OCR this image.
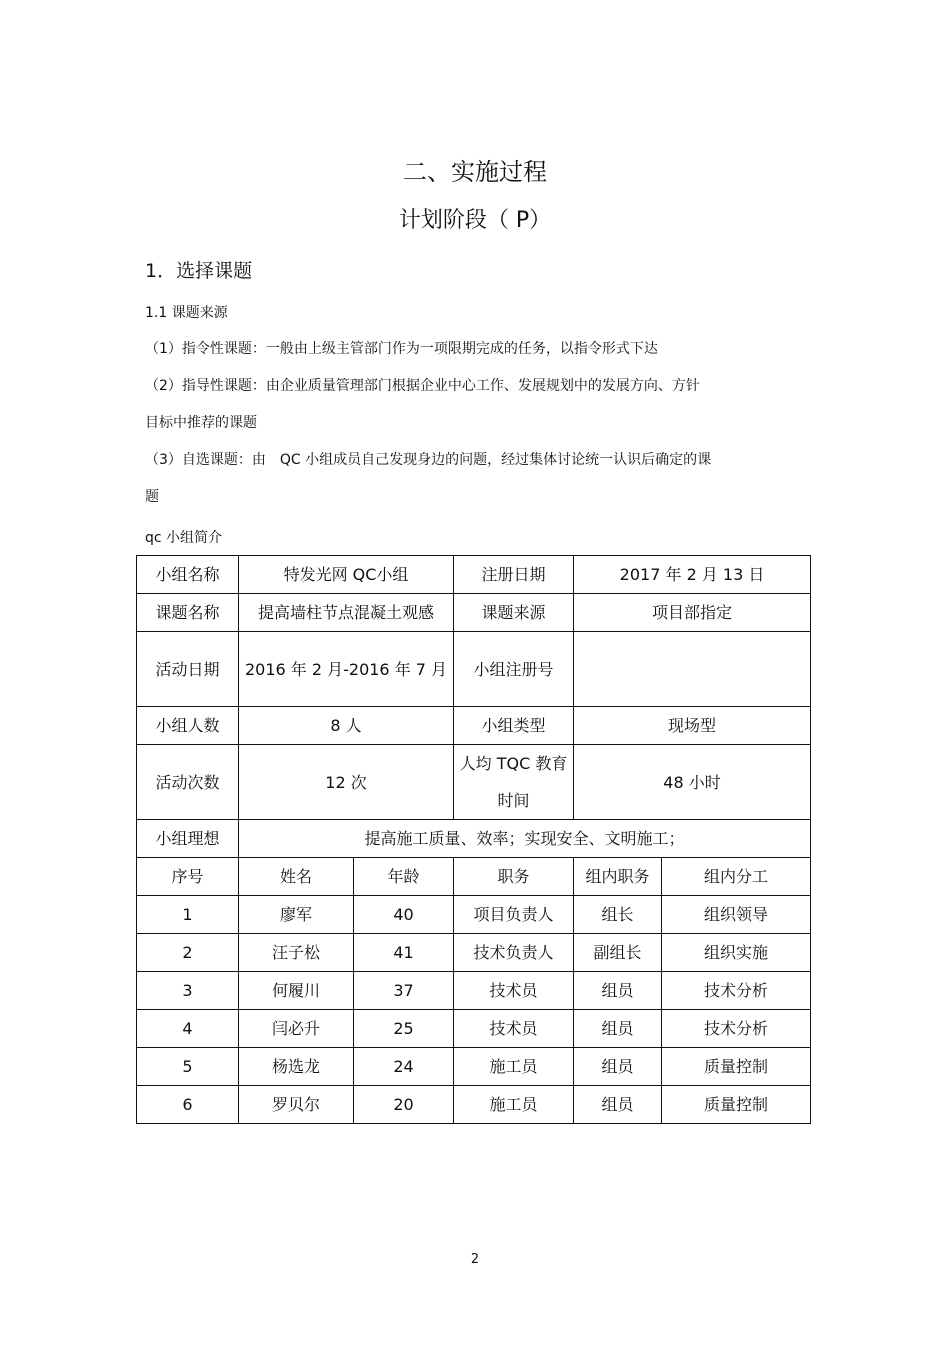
二、实施过程
计划阶段（ P）
1．选择课题
1.1 课题来源
（1）指令性课题：一般由上级主管部门作为一项限期完成的任务，以指令形式下达
（2）指导性课题：由企业质量管理部门根据企业中心工作、发展规划中的发展方向、方针
目标中推荐的课题
（3）自选课题：由　QC 小组成员自己发现身边的问题，经过集体讨论统一认识后确定的课
题
qc 小组简介
小组名称	特发光网 QC小组		注册日期	2017 年 2 月 13 日	
课题名称	提高墙柱节点混凝土观感		课题来源	项目部指定	
活动日期	2016 年 2 月-2016 年 7 月		小组注册号		
小组人数	8 人		小组类型	现场型	
活动次数	12 次		人均 TQC 教育时间	48 小时	
小组理想	提高施工质量、效率；实现安全、文明施工；				
序号	姓名	年龄	职务	组内职务	组内分工
1	廖军	40	项目负责人	组长	组织领导
2	汪子松	41	技术负责人	副组长	组织实施
3	何履川	37	技术员	组员	技术分析
4	闫必升	25	技术员	组员	技术分析
5	杨选龙	24	施工员	组员	质量控制
6	罗贝尔	20	施工员	组员	质量控制
2
